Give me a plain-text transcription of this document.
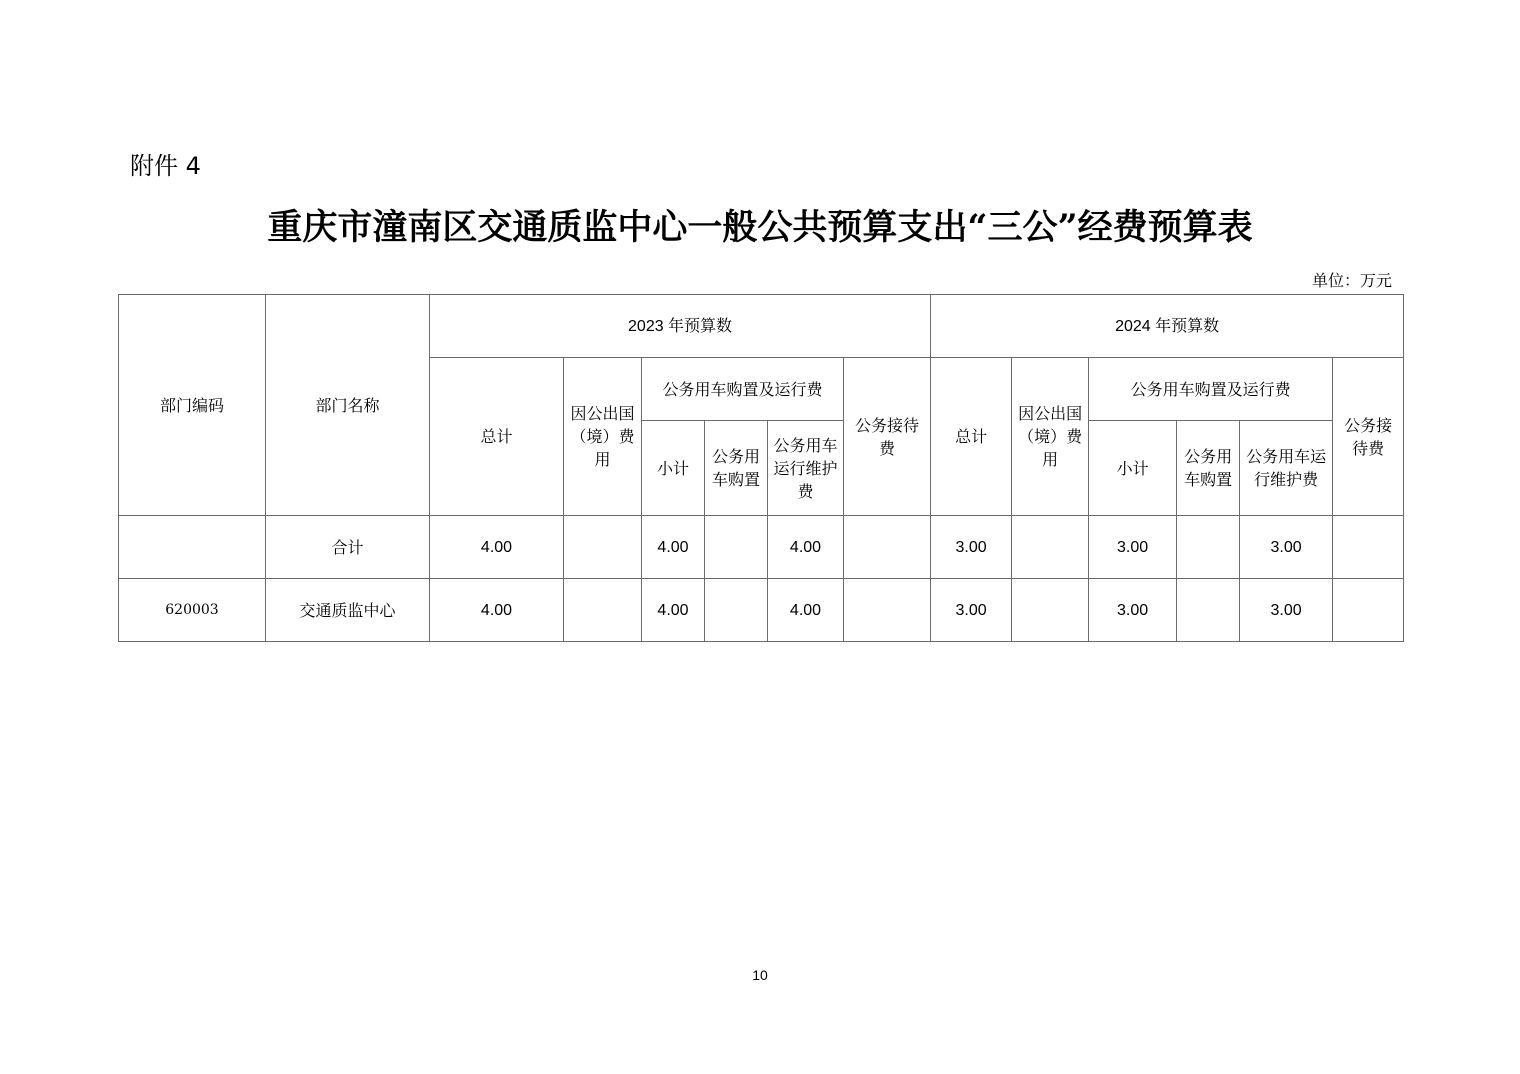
附件 4
重庆市潼南区交通质监中心一般公共预算支出“三公”经费预算表
单位：万元
部门编码	部门名称	2023 年预算数						2024 年预算数					
		总计	因公出国（境）费用	公务用车购置及运行费			公务接待费	总计	因公出国（境）费用	公务用车购置及运行费			公务接待费
				小计	公务用车购置	公务用车运行维护费				小计	公务用车购置	公务用车运行维护费	
	合计	4.00		4.00		4.00		3.00		3.00		3.00	
620003	交通质监中心	4.00		4.00		4.00		3.00		3.00		3.00	
10
